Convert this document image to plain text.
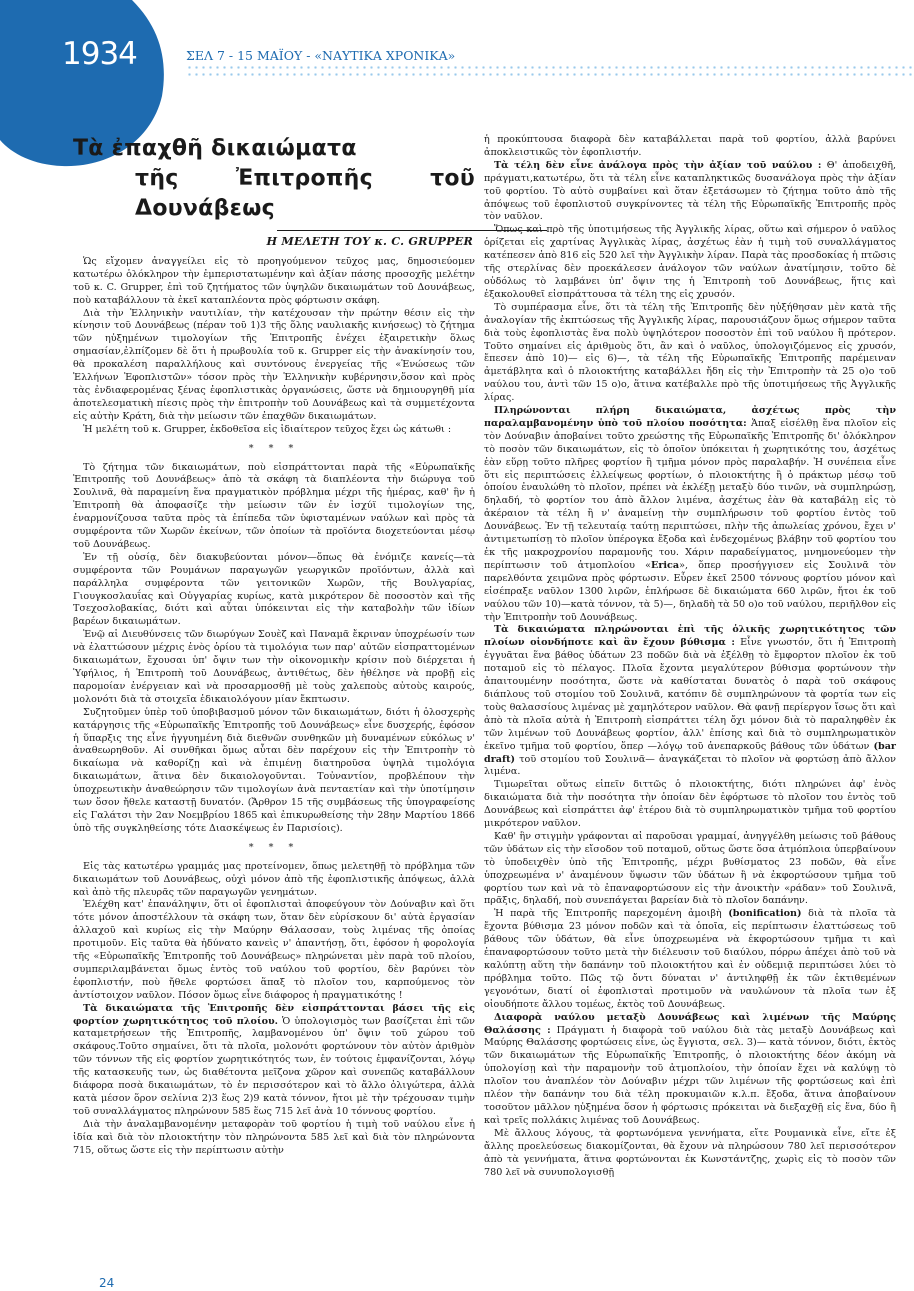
1934	ΣΕΛ 7 - 15 ΜΑΪΟΥ - «ΝΑΥΤΙΚΑ ΧΡΟΝΙΚΑ»
Τὰ ἐπαχθῆ δικαιώματα
τῆς Ἐπιτροπῆς τοῦ Δουνάβεως
Η ΜΕΛΕΤΗ ΤΟΥ κ. C. GRUPPER

Ὡς εἴχομεν ἀναγγείλει εἰς τὸ προηγούμενον τεῦχος μας, δημοσιεύομεν κατωτέρω ὁλόκληρον τὴν ἐμπεριστατωμένην καὶ ἀξίαν πάσης προσοχῆς μελέτην τοῦ κ. C. Grupper, ἐπὶ τοῦ ζητήματος τῶν ὑψηλῶν δικαιωμάτων τοῦ Δουνάβεως, ποὺ καταβάλλουν τὰ ἐκεῖ καταπλέοντα πρὸς φόρτωσιν σκάφη.

Διὰ τὴν Ἑλληνικὴν ναυτιλίαν, τὴν κατέχουσαν τὴν πρώτην θέσιν εἰς τὴν κίνησιν τοῦ Δουνάβεως (πέραν τοῦ 1)3 τῆς ὅλης ναυλιακῆς κινήσεως) τὸ ζήτημα τῶν ηὐξημένων τιμολογίων τῆς Ἐπιτροπῆς ἐνέχει ἐξαιρετικὴν ὅλως σημασίαν,ἐλπίζομεν δὲ ὅτι ἡ πρωβουλία τοῦ κ. Grupper εἰς τὴν ἀνακίνησίν του, θὰ προκαλέση παραλλήλους καὶ συντόνους ἐνεργείας τῆς «Ἑνώσεως τῶν Ἑλλήνων Ἐφοπλιστῶν» τόσον πρὸς τὴν Ἑλληνικὴν κυβέρνησιν,ὅσον καὶ πρὸς τὰς ἐνδιαφερομένας ξένας ἐφοπλιστικὰς ὀργανώσεις, ὥστε νὰ δημιουργηθῆ μία ἀποτελεσματικὴ πίεσις πρὸς τὴν ἐπιτροπὴν τοῦ Δουνάβεως καὶ τὰ συμμετέχοντα εἰς αὐτὴν Κράτη, διὰ τὴν μείωσιν τῶν ἐπαχθῶν δικαιωμάτων.

Ἡ μελέτη τοῦ κ. Grupper, ἐκδοθεῖσα εἰς ἰδιαίτερον τεῦχος ἔχει ὡς κάτωθι :

* * *

Τὸ ζήτημα τῶν δικαιωμάτων, ποὺ εἰσπράττονται παρὰ τῆς «Εὐρωπαϊκῆς Ἐπιτροπῆς τοῦ Δουνάβεως» ἀπὸ τὰ σκάφη τὰ διαπλέοντα τὴν διώρυγα τοῦ Σουλινᾶ, θὰ παραμείνη ἕνα πραγματικὸν πρόβλημα μέχρι τῆς ἡμέρας, καθ' ἣν ἡ Ἐπιτροπὴ θὰ ἀποφασίζε τὴν μείωσιν τῶν ἐν ἰσχύϊ τιμολογίων της, ἐναρμονίζουσα ταῦτα πρὸς τὰ ἐπίπεδα τῶν ὑφισταμένων ναύλων καὶ πρὸς τὰ συμφέροντα τῶν Χωρῶν ἐκείνων, τῶν ὁποίων τὰ προϊόντα διοχετεύονται μέσῳ τοῦ Δουνάβεως.

Ἐν τῇ οὐσίᾳ, δὲν διακυβεύονται μόνον—ὅπως θὰ ἐνόμιζε κανείς—τὰ συμφέροντα τῶν Ρουμάνων παραγωγῶν γεωργικῶν προϊόντων, ἀλλὰ καὶ παράλληλα συμφέροντα τῶν γειτονικῶν Χωρῶν, τῆς Βουλγαρίας, Γιουγκοσλαυΐας καὶ Οὑγγαρίας κυρίως, κατὰ μικρότερον δὲ ποσοστὸν καὶ τῆς Τσεχοσλοβακίας, διότι καὶ αὗται ὑπόκεινται εἰς τὴν καταβολὴν τῶν ἰδίων βαρέων δικαιωμάτων.

Ἐνῷ αἱ Διευθύνσεις τῶν διωρύγων Σουὲζ καὶ Παναμᾶ ἔκριναν ὑποχρέωσίν των νὰ ἐλαττώσουν μέχρις ἑνὸς ὁρίου τὰ τιμολόγια των παρ' αὐτῶν εἰσπραττομένων δικαιωμάτων, ἔχουσαι ὑπ' ὄψιν των τὴν οἰκονομικὴν κρίσιν ποὺ διέρχεται ἡ Ὑφήλιος, ἡ Ἐπιτροπὴ τοῦ Δουνάβεως, ἀντιθέτως, δὲν ἠθέλησε νὰ προβῇ εἰς παρομοίαν ἐνέργειαν καὶ νὰ προσαρμοσθῇ μὲ τοὺς χαλεποὺς αὐτοὺς καιρούς, μολονότι διὰ τὰ στοιχεῖα ἐδικαιολόγουν μίαν ἔκπτωσιν.

Συζητοῦμεν ὑπὲρ τοῦ ὑποβιβασμοῦ μόνον τῶν δικαιωμάτων, διότι ἡ ὁλοσχερὴς κατάργησις τῆς «Εὐρωπαϊκῆς Ἐπιτροπῆς τοῦ Δουνάβεως» εἶνε δυσχερής, ἐφόσον ἡ ὕπαρξις της εἶνε ἠγγυημένη διὰ διεθνῶν συνθηκῶν μὴ δυναμένων εὐκόλως ν' ἀναθεωρηθοῦν. Αἱ συνθῆκαι ὅμως αὗται δὲν παρέχουν εἰς τὴν Ἐπιτροπὴν τὸ δικαίωμα νὰ καθορίζῃ καὶ νὰ ἐπιμένῃ διατηροῦσα ὑψηλὰ τιμολόγια δικαιωμάτων, ἅτινα δὲν δικαιολογοῦνται. Τοὐναντίον, προβλέπουν τὴν ὑποχρεωτικὴν ἀναθεώρησιν τῶν τιμολογίων ἀνὰ πενταετίαν καὶ τὴν ὑποτίμησιν των ὅσον ἤθελε καταστῇ δυνατόν. (Ἄρθρον 15 τῆς συμβάσεως τῆς ὑπογραφείσης εἰς Γαλάτσι τὴν 2αν Νοεμβρίου 1865 καὶ ἐπικυρωθείσης τὴν 28ην Μαρτίου 1866 ὑπὸ τῆς συγκληθείσης τότε Διασκέψεως ἐν Παρισίοις).

* * *

Εἰς τὰς κατωτέρω γραμμάς μας προτείνομεν, ὅπως μελετηθῇ τὸ πρόβλημα τῶν δικαιωμάτων τοῦ Δουνάβεως, οὐχὶ μόνον ἀπὸ τῆς ἐφοπλιστικῆς ἀπόψεως, ἀλλὰ καὶ ἀπὸ τῆς πλευρᾶς τῶν παραγωγῶν γενημάτων.

Ἐλέχθη κατ' ἐπανάληψιν, ὅτι οἱ ἐφοπλισταὶ ἀποφεύγουν τὸν Δούναβιν καὶ ὅτι τότε μόνον ἀποστέλλουν τὰ σκάφη των, ὅταν δὲν εὑρίσκουν δι' αὐτὰ ἐργασίαν ἀλλαχοῦ καὶ κυρίως εἰς τὴν Μαύρην Θάλασσαν, τοὺς λιμένας τῆς ὁποίας προτιμοῦν. Εἰς ταῦτα θὰ ἠδύνατο κανεὶς ν' ἀπαντήσῃ, ὅτι, ἐφόσον ἡ φορολογία τῆς «Εὐρωπαϊκῆς Ἐπιτροπῆς τοῦ Δουνάβεως» πληρώνεται μὲν παρὰ τοῦ πλοίου, συμπεριλαμβάνεται ὅμως ἐντὸς τοῦ ναύλου τοῦ φορτίου, δὲν βαρύνει τὸν ἐφοπλιστήν, ποὺ ἤθελε φορτώσει ἅπαξ τὸ πλοῖον του, καρπούμενος τὸν ἀντίστοιχον ναῦλον. Πόσον ὅμως εἶνε διάφορος ἡ πραγματικότης !

Τὰ δικαιώματα τῆς Ἐπιτροπῆς δὲν εἰσπράττονται βάσει τῆς εἰς φορτίον χωρητικότητος τοῦ πλοίου. Ὁ ὑπολογισμὸς των βασίζεται ἐπὶ τῶν καταμετρήσεων τῆς Ἐπιτροπῆς, λαμβανομένου ὑπ' ὄψιν τοῦ χώρου τοῦ σκάφους.Τοῦτο σημαίνει, ὅτι τὰ πλοῖα, μολονότι φορτώνουν τὸν αὐτὸν ἀριθμὸν τῶν τόννων τῆς εἰς φορτίον χωρητικότητός των, ἐν τούτοις ἐμφανίζονται, λόγῳ τῆς κατασκευῆς των, ὡς διαθέτοντα μεῖζονα χῶρον καὶ συνεπῶς καταβάλλουν διάφορα ποσὰ δικαιωμάτων, τὸ ἐν περισσότερον καὶ τὸ ἄλλο ὀλιγώτερα, ἀλλὰ κατὰ μέσον ὅρον σελίνια 2)3 ἕως 2)9 κατὰ τόννον, ἤτοι μὲ τὴν τρέχουσαν τιμὴν τοῦ συναλλάγματος πληρώνουν 585 ἕως 715 λεῖ ἀνὰ 10 τόννους φορτίου.

Διὰ τὴν ἀναλαμβανομένην μεταφορὰν τοῦ φορτίου ἡ τιμὴ τοῦ ναύλου εἶνε ἡ ἰδία καὶ διὰ τὸν πλοιοκτήτην τὸν πληρώνοντα 585 λεῖ καὶ διὰ τὸν πληρώνοντα 715, οὕτως ὥστε εἰς τὴν περίπτωσιν αὐτὴν

ἡ προκύπτουσα διαφορὰ δὲν καταβάλλεται παρὰ τοῦ φορτίου, ἀλλὰ βαρύνει ἀποκλειστικῶς τὸν ἐφοπλιστήν.

Τὰ τέλη δὲν εἶνε ἀνάλογα πρὸς τὴν ἀξίαν τοῦ ναύλου : Θ' ἀποδειχθῆ, πράγματι,κατωτέρω, ὅτι τὰ τέλη εἶνε καταπληκτικῶς δυσανάλογα πρὸς τὴν ἀξίαν τοῦ φορτίου. Τὸ αὐτὸ συμβαίνει καὶ ὅταν ἐξετάσωμεν τὸ ζήτημα τοῦτο ἀπὸ τῆς ἀπόψεως τοῦ ἐφοπλιστοῦ συγκρίνοντες τὰ τέλη τῆς Εὐρωπαϊκῆς Ἐπιτροπῆς πρὸς τὸν ναῦλον.

Ὅπως καὶ πρὸ τῆς ὑποτιμήσεως τῆς Ἀγγλικῆς λίρας, οὕτω καὶ σήμερον ὁ ναῦλος ὁρίζεται εἰς χαρτίνας Ἀγγλικὰς λίρας, ἀσχέτως ἐὰν ἡ τιμὴ τοῦ συναλλάγματος κατέπεσεν ἀπὸ 816 εἰς 520 λεῖ τὴν Ἀγγλικὴν λίραν. Παρὰ τὰς προσδοκίας ἡ πτῶσις τῆς στερλίνας δὲν προεκάλεσεν ἀνάλογον τῶν ναύλων ἀνατίμησιν, τοῦτο δὲ οὐδόλως τὸ λαμβάνει ὑπ' ὄψιν της ἡ Ἐπιτροπὴ τοῦ Δουνάβεως, ἥτις καὶ ἐξακολουθεῖ εἰσπράττουσα τὰ τέλη της εἰς χρυσόν.

Τὸ συμπέρασμα εἶνε, ὅτι τὰ τέλη τῆς Ἐπιτροπῆς δὲν ηὐξήθησαν μὲν κατὰ τῆς ἀναλογίαν τῆς ἐκπτώσεως τῆς Ἀγγλικῆς λίρας, παρουσιάζουν ὅμως σήμερον ταῦτα διὰ τοὺς ἐφοπλιστὰς ἕνα πολὺ ὑψηλότερον ποσοστὸν ἐπὶ τοῦ ναύλου ἢ πρότερον. Τοῦτο σημαίνει εἰς ἀριθμοὺς ὅτι, ἂν καὶ ὁ ναῦλος, ὑπολογιζόμενος εἰς χρυσόν, ἔπεσεν ἀπὸ 10)— εἰς 6)—, τὰ τέλη τῆς Εὐρωπαϊκῆς Ἐπιτροπῆς παρέμειναν ἀμετάβλητα καὶ ὁ πλοιοκτήτης καταβάλλει ἤδη εἰς τὴν Ἐπιτροπὴν τὰ 25 ο)ο τοῦ ναύλου του, ἀντὶ τῶν 15 ο)ο, ἅτινα κατέβαλλε πρὸ τῆς ὑποτιμήσεως τῆς Ἀγγλικῆς λίρας.

Πληρώνονται πλήρη δικαιώματα, ἀσχέτως πρὸς τὴν παραλαμβανομένην ὑπὸ τοῦ πλοίου ποσότητα: Ἁπαξ εἰσέλθῃ ἕνα πλοῖον εἰς τὸν Δούναβιν ἀποβαίνει τοῦτο χρεώστης τῆς Εὐρωπαϊκῆς Ἐπιτροπῆς δι' ὁλόκληρον τὸ ποσὸν τῶν δικαιωμάτων, εἰς τὸ ὁποῖον ὑπόκειται ἡ χωρητικότης του, ἀσχέτως ἐὰν εὕρῃ τοῦτο πλῆρες φορτίον ἢ τμῆμα μόνον πρὸς παραλαβήν. Ἡ συνέπεια εἶνε ὅτι εἰς περιπτώσεις ἐλλείψεως φορτίων, ὁ πλοιοκτήτης ἢ ὁ πράκτωρ μέσῳ τοῦ ὁποίου ἐναυλώθη τὸ πλοῖον, πρέπει νὰ ἐκλέξῃ μεταξὺ δύο τινῶν, νὰ συμπληρώσῃ, δηλαδή, τὸ φορτίον του ἀπὸ ἄλλον λιμένα, ἀσχέτως ἐὰν θὰ καταβάλῃ εἰς τὸ ἀκέραιον τὰ τέλη ἢ ν' ἀναμείνῃ τὴν συμπλήρωσιν τοῦ φορτίου ἐντὸς τοῦ Δουνάβεως. Ἐν τῇ τελευταίᾳ ταύτῃ περιπτώσει, πλὴν τῆς ἀπωλείας χρόνου, ἔχει ν' ἀντιμετωπίσῃ τὸ πλοῖον ὑπέρογκα ἔξοδα καὶ ἐνδεχομένως βλάβην τοῦ φορτίου του ἐκ τῆς μακροχρονίου παραμονῆς του. Χάριν παραδείγματος, μνημονεύομεν τὴν περίπτωσιν τοῦ ἀτμοπλοίου «Erica», ὅπερ προσήγγισεν εἰς Σουλινᾶ τὸν παρελθόντα χειμῶνα πρὸς φόρτωσιν. Εὗρεν ἐκεῖ 2500 τόννους φορτίου μόνον καὶ εἰσέπραξε ναῦλον 1300 λιρῶν, ἐπλήρωσε δὲ δικαιώματα 660 λιρῶν, ἤτοι ἐκ τοῦ ναύλου τῶν 10)—κατὰ τόννον, τὰ 5)—, δηλαδὴ τὰ 50 ο)ο τοῦ ναύλου, περιῆλθον εἰς τὴν Ἐπιτροπὴν τοῦ Δουνάβεως.

Τὰ δικαιώματα πληρώνονται ἐπὶ τῆς ὁλικῆς χωρητικότητος τῶν πλοίων οἱονδήποτε καὶ ἂν ἔχουν βύθισμα : Εἶνε γνωστόν, ὅτι ἡ Ἐπιτροπὴ ἐγγυᾶται ἕνα βάθος ὑδάτων 23 ποδῶν διὰ νὰ ἐξέλθῃ τὸ ἔμφορτον πλοῖον ἐκ τοῦ ποταμοῦ εἰς τὸ πέλαγος. Πλοῖα ἔχοντα μεγαλύτερον βύθισμα φορτώνουν τὴν ἀπαιτουμένην ποσότητα, ὥστε νὰ καθίσταται δυνατὸς ὁ παρὰ τοῦ σκάφους διάπλους τοῦ στομίου τοῦ Σουλινᾶ, κατόπιν δὲ συμπληρώνουν τὰ φορτία των εἰς τοὺς θαλασσίους λιμένας μὲ χαμηλότερον ναῦλον. Θὰ φανῇ περίεργον ἴσως ὅτι καὶ ἀπὸ τὰ πλοῖα αὐτὰ ἡ Ἐπιτροπὴ εἰσπράττει τέλη ὄχι μόνον διὰ τὸ παραληφθὲν ἐκ τῶν λιμένων τοῦ Δουνάβεως φορτίον, ἀλλ' ἐπίσης καὶ διὰ τὸ συμπληρωματικὸν ἐκεῖνο τμῆμα τοῦ φορτίου, ὅπερ —λόγῳ τοῦ ἀνεπαρκοῦς βάθους τῶν ὑδάτων (bar draft) τοῦ στομίου τοῦ Σουλινᾶ— ἀναγκάζεται τὸ πλοῖον νὰ φορτώσῃ ἀπὸ ἄλλον λιμένα.

Τιμωρεῖται οὕτως εἰπεῖν διττῶς ὁ πλοιοκτήτης, διότι πληρώνει ἀφ' ἑνὸς δικαιώματα διὰ τὴν ποσότητα τὴν ὁποίαν δὲν ἐφόρτωσε τὸ πλοῖον του ἐντὸς τοῦ Δουνάβεως καὶ εἰσπράττει ἀφ' ἑτέρου διὰ τὸ συμπληρωματικὸν τμῆμα τοῦ φορτίου μικρότερον ναῦλον.

Καθ' ἣν στιγμὴν γράφονται αἱ παροῦσαι γραμμαί, ἀνηγγέλθη μείωσις τοῦ βάθους τῶν ὑδάτων εἰς τὴν εἴσοδον τοῦ ποταμοῦ, οὕτως ὥστε ὅσα ἀτμόπλοια ὑπερβαίνουν τὸ ὑποδειχθὲν ὑπὸ τῆς Ἐπιτροπῆς, μέχρι βυθίσματος 23 ποδῶν, θὰ εἶνε ὑποχρεωμένα ν' ἀναμένουν ὕψωσιν τῶν ὑδάτων ἢ νὰ ἐκφορτώσουν τμῆμα τοῦ φορτίου των καὶ νὰ τὸ ἐπαναφορτώσουν εἰς τὴν ἀνοικτὴν «ράδαν» τοῦ Σουλινᾶ, πρᾶξις, δηλαδή, ποὺ συνεπάγεται βαρείαν διὰ τὸ πλοῖον δαπάνην.

Ἡ παρὰ τῆς Ἐπιτροπῆς παρεχομένη ἀμοιβὴ (bonification) διὰ τὰ πλοῖα τὰ ἔχοντα βύθισμα 23 μόνον ποδῶν καὶ τὰ ὁποῖα, εἰς περίπτωσιν ἐλαττώσεως τοῦ βάθους τῶν ὑδάτων, θὰ εἶνε ὑποχρεωμένα νὰ ἐκφορτώσουν τμῆμα τι καὶ ἐπαναφορτώσουν τοῦτο μετὰ τὴν διέλευσιν τοῦ διαύλου, πόρρω ἀπέχει ἀπὸ τοῦ νὰ καλύπτῃ αὕτη τὴν δαπάνην τοῦ πλοιοκτήτου καὶ ἐν οὐδεμιᾷ περιπτώσει λύει τὸ πρόβλημα τοῦτο. Πῶς τῷ ὄντι δύναται ν' ἀντιληφθῇ ἐκ τῶν ἐκτιθεμένων γεγονότων, διατί οἱ ἐφοπλισταὶ προτιμοῦν νὰ ναυλώνουν τὰ πλοῖα των ἐξ οἱουδήποτε ἄλλου τομέως, ἐκτὸς τοῦ Δουνάβεως.

Διαφορὰ ναύλου μεταξὺ Δουνάβεως καὶ λιμένων τῆς Μαύρης Θαλάσσης : Πράγματι ἡ διαφορὰ τοῦ ναύλου διὰ τὰς μεταξὺ Δουνάβεως καὶ Μαύρης Θαλάσσης φορτώσεις εἶνε, ὡς ἔγγιστα, σελ. 3)— κατὰ τόννον, διότι, ἐκτὸς τῶν δικαιωμάτων τῆς Εὐρωπαϊκῆς Ἐπιτροπῆς, ὁ πλοιοκτήτης δέον ἀκόμη νὰ ὑπολογίσῃ καὶ τὴν παραμονὴν τοῦ ἀτμοπλοίου, τὴν ὁποίαν ἔχει νὰ καλύψῃ τὸ πλοῖον του ἀναπλέον τὸν Δούναβιν μέχρι τῶν λιμένων τῆς φορτώσεως καὶ ἐπὶ πλέον τὴν δαπάνην του διὰ τέλη προκυμαιῶν κ.λ.π. ἔξοδα, ἅτινα ἀποβαίνουν τοσοῦτον μᾶλλον ηὐξημένα ὅσον ἡ φόρτωσις πρόκειται νὰ διεξαχθῇ εἰς ἕνα, δύο ἢ καὶ τρεῖς πολλάκις λιμένας τοῦ Δουνάβεως.

Μὲ ἄλλους λόγους, τὰ φορτωνόμενα γεννήματα, εἴτε Ρουμανικὰ εἶνε, εἴτε ἐξ ἄλλης προελεύσεως διακομίζονται, θὰ ἔχουν νὰ πληρώσουν 780 λεῖ περισσότερον ἀπὸ τὰ γεννήματα, ἅτινα φορτώνονται ἐκ Κωνστάντζης, χωρὶς εἰς τὸ ποσὸν τῶν 780 λεῖ νὰ συνυπολογισθῇ

24
